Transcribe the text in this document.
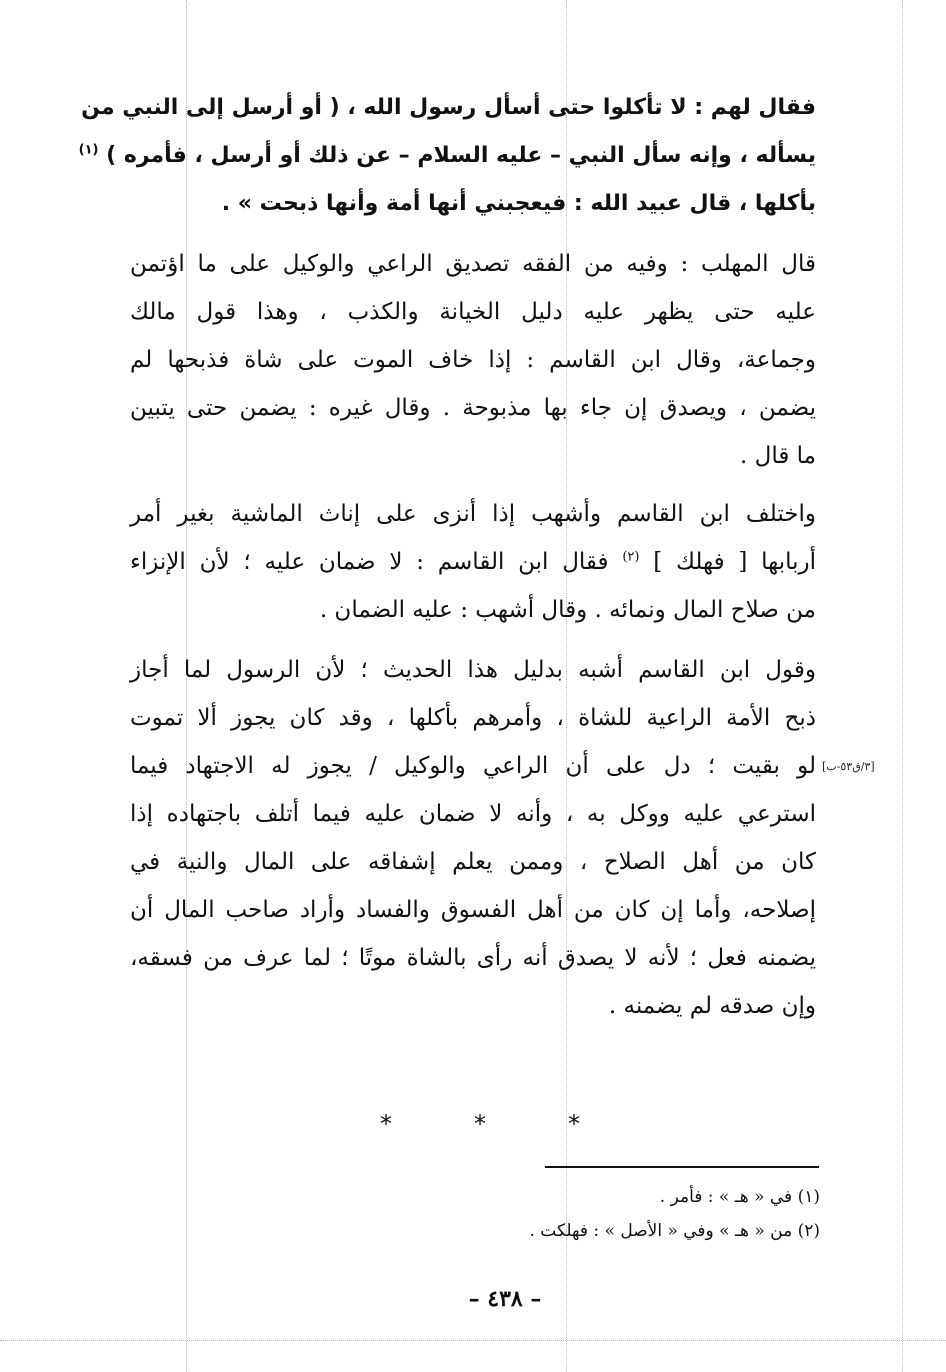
فقال لهم : لا تأكلوا حتى أسأل رسول الله ، ( أو أرسل إلى النبي من
يسأله ، وإنه سأل النبي – عليه السلام – عن ذلك أو أرسل ، فأمره ) $^{(١)}$
بأكلها ، قال عبيد الله : فيعجبني أنها أمة وأنها ذبحت » .
قال المهلب : وفيه من الفقه تصديق الراعي والوكيل على ما اؤتمن
عليه حتى يظهر عليه دليل الخيانة والكذب ، وهذا قول مالك
وجماعة، وقال ابن القاسم : إذا خاف الموت على شاة فذبحها لم
يضمن ، ويصدق إن جاء بها مذبوحة . وقال غيره : يضمن حتى يتبين
ما قال .
واختلف ابن القاسم وأشهب إذا أنزى على إناث الماشية بغير أمر
أربابها [ فهلك ] $^{(٢)}$ فقال ابن القاسم : لا ضمان عليه ؛ لأن الإنزاء
من صلاح المال ونمائه . وقال أشهب : عليه الضمان .
وقول ابن القاسم أشبه بدليل هذا الحديث ؛ لأن الرسول لما أجاز
ذبح الأمة الراعية للشاة ، وأمرهم بأكلها ، وقد كان يجوز ألا تموت
لو بقيت ؛ دل على أن الراعي والوكيل / يجوز له الاجتهاد فيما
استرعي عليه ووكل به ، وأنه لا ضمان عليه فيما أتلف باجتهاده إذا
كان من أهل الصلاح ، وممن يعلم إشفاقه على المال والنية في
إصلاحه، وأما إن كان من أهل الفسوق والفساد وأراد صاحب المال أن
يضمنه فعل ؛ لأنه لا يصدق أنه رأى بالشاة موتًا ؛ لما عرف من فسقه،
وإن صدقه لم يضمنه .
[٣/ق٥٣-ب]
*	*	*
(١) في « هـ » : فأمر .
(٢) من « هـ » وفي « الأصل » : فهلكت .
– ٤٣٨ –
